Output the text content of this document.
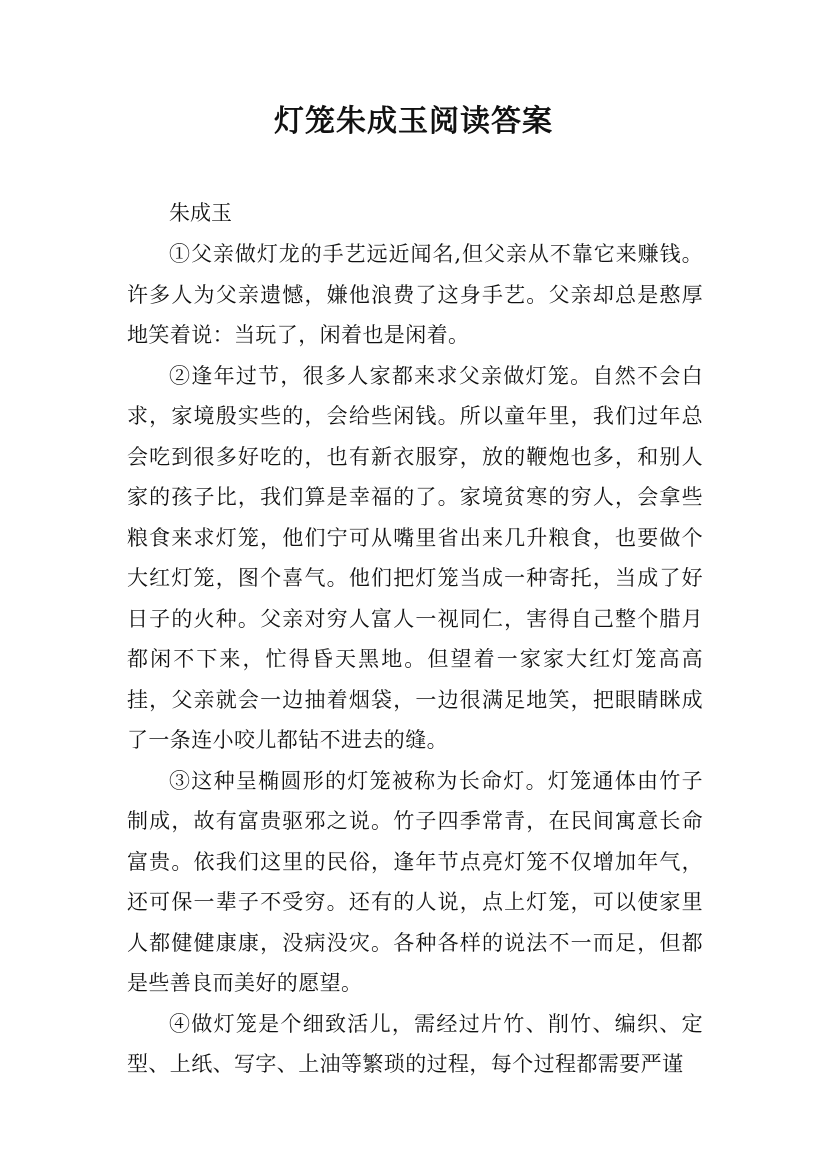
灯笼朱成玉阅读答案

朱成玉

①父亲做灯龙的手艺远近闻名,但父亲从不靠它来赚钱。许多人为父亲遗憾，嫌他浪费了这身手艺。父亲却总是憨厚地笑着说：当玩了，闲着也是闲着。

②逢年过节，很多人家都来求父亲做灯笼。自然不会白求，家境殷实些的，会给些闲钱。所以童年里，我们过年总会吃到很多好吃的，也有新衣服穿，放的鞭炮也多，和别人家的孩子比，我们算是幸福的了。家境贫寒的穷人，会拿些粮食来求灯笼，他们宁可从嘴里省出来几升粮食，也要做个大红灯笼，图个喜气。他们把灯笼当成一种寄托，当成了好日子的火种。父亲对穷人富人一视同仁，害得自己整个腊月都闲不下来，忙得昏天黑地。但望着一家家大红灯笼高高挂，父亲就会一边抽着烟袋，一边很满足地笑，把眼睛眯成了一条连小咬儿都钻不进去的缝。

③这种呈椭圆形的灯笼被称为长命灯。灯笼通体由竹子制成，故有富贵驱邪之说。竹子四季常青，在民间寓意长命富贵。依我们这里的民俗，逢年节点亮灯笼不仅增加年气，还可保一辈子不受穷。还有的人说，点上灯笼，可以使家里人都健健康康，没病没灾。各种各样的说法不一而足，但都是些善良而美好的愿望。

④做灯笼是个细致活儿，需经过片竹、削竹、编织、定型、上纸、写字、上油等繁琐的过程，每个过程都需要严谨
